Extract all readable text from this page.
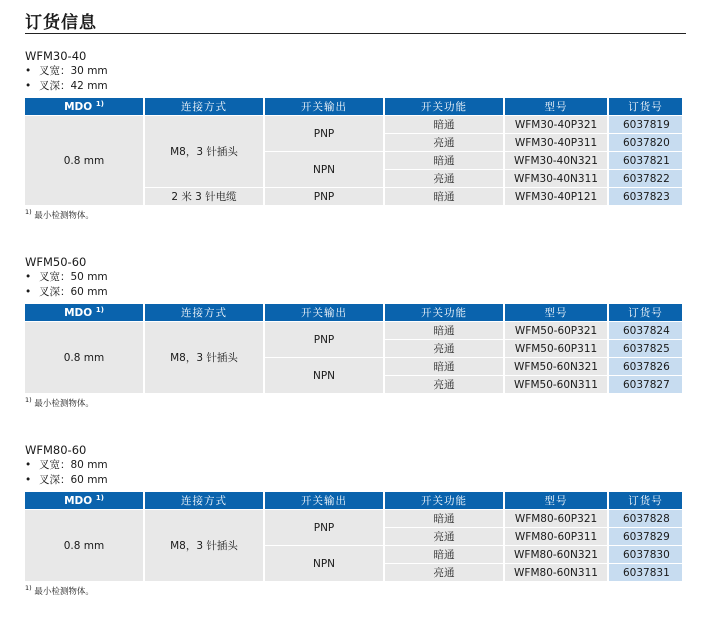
订货信息
WFM30-40
• 叉宽：30 mm
• 叉深：42 mm
MDO $^{1)}$	连接方式	开关输出	开关功能	型号	订货号
0.8 mm	M8，3 针插头	PNP	暗通	WFM30-40P321	6037819
			亮通	WFM30-40P311	6037820
		NPN	暗通	WFM30-40N321	6037821
			亮通	WFM30-40N311	6037822
	2 米 3 针电缆	PNP	暗通	WFM30-40P121	6037823
$^{1)}$ 最小检测物体。
WFM50-60
• 叉宽：50 mm
• 叉深：60 mm
MDO $^{1)}$	连接方式	开关输出	开关功能	型号	订货号
0.8 mm	M8，3 针插头	PNP	暗通	WFM50-60P321	6037824
			亮通	WFM50-60P311	6037825
		NPN	暗通	WFM50-60N321	6037826
			亮通	WFM50-60N311	6037827
$^{1)}$ 最小检测物体。
WFM80-60
• 叉宽：80 mm
• 叉深：60 mm
MDO $^{1)}$	连接方式	开关输出	开关功能	型号	订货号
0.8 mm	M8，3 针插头	PNP	暗通	WFM80-60P321	6037828
			亮通	WFM80-60P311	6037829
		NPN	暗通	WFM80-60N321	6037830
			亮通	WFM80-60N311	6037831
$^{1)}$ 最小检测物体。
